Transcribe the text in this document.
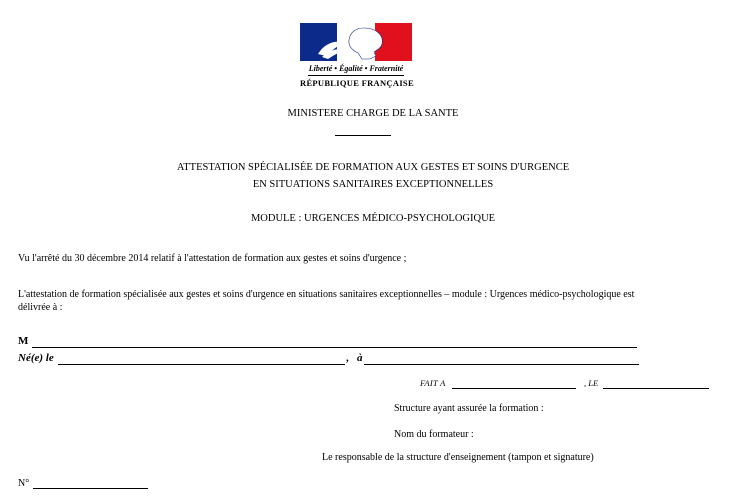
Liberté • Égalité • Fraternité
RÉPUBLIQUE FRANÇAISE
MINISTERE CHARGE DE LA SANTE
ATTESTATION SPÉCIALISÉE DE FORMATION AUX GESTES ET SOINS D'URGENCE
EN SITUATIONS SANITAIRES EXCEPTIONNELLES
MODULE : URGENCES MÉDICO-PSYCHOLOGIQUE
Vu l'arrêté du 30 décembre 2014 relatif à l'attestation de formation aux gestes et soins d'urgence ;
L'attestation de formation spécialisée aux gestes et soins d'urgence en situations sanitaires exceptionnelles – module : Urgences médico-psychologique est
délivrée à :
M
Né(e) le	, à
FAIT A	, LE
Structure ayant assurée la formation :
Nom du formateur :
Le responsable de la structure d'enseignement (tampon et signature)
N°
